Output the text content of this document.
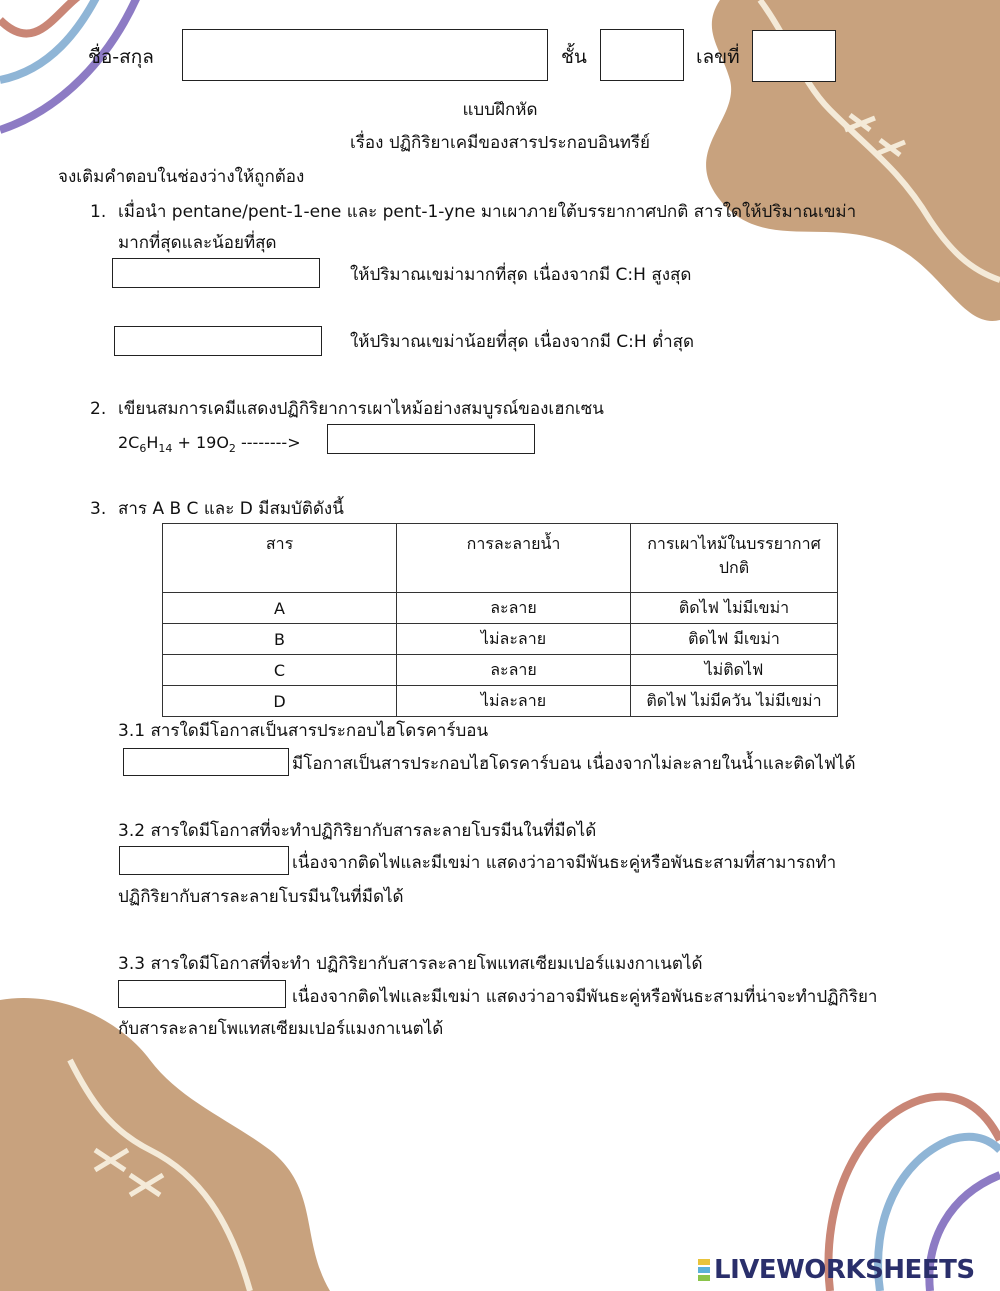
ชื่อ-สกุล	ชั้น	เลขที่
แบบฝึกหัด
เรื่อง ปฏิกิริยาเคมีของสารประกอบอินทรีย์
จงเติมคำตอบในช่องว่างให้ถูกต้อง
1. เมื่อนำ pentane/pent-1-ene และ pent-1-yne มาเผาภายใต้บรรยากาศปกติ สารใดให้ปริมาณเขม่า
มากที่สุดและน้อยที่สุด
ให้ปริมาณเขม่ามากที่สุด เนื่องจากมี C:H สูงสุด
ให้ปริมาณเขม่าน้อยที่สุด เนื่องจากมี C:H ต่ำสุด
2. เขียนสมการเคมีแสดงปฏิกิริยาการเผาไหม้อย่างสมบูรณ์ของเฮกเซน
$2C_6H_{14} + 19O_2$ -------->
3. สาร A B C และ D มีสมบัติดังนี้
สาร	การละลายน้ำ	การเผาไหม้ในบรรยากาศ
ปกติ
A	ละลาย	ติดไฟ ไม่มีเขม่า
B	ไม่ละลาย	ติดไฟ มีเขม่า
C	ละลาย	ไม่ติดไฟ
D	ไม่ละลาย	ติดไฟ ไม่มีควัน ไม่มีเขม่า
3.1 สารใดมีโอกาสเป็นสารประกอบไฮโดรคาร์บอน
มีโอกาสเป็นสารประกอบไฮโดรคาร์บอน เนื่องจากไม่ละลายในน้ำและติดไฟได้
3.2 สารใดมีโอกาสที่จะทำปฏิกิริยากับสารละลายโบรมีนในที่มืดได้
เนื่องจากติดไฟและมีเขม่า แสดงว่าอาจมีพันธะคู่หรือพันธะสามที่สามารถทำ
ปฏิกิริยากับสารละลายโบรมีนในที่มืดได้
3.3 สารใดมีโอกาสที่จะทำ ปฏิกิริยากับสารละลายโพแทสเซียมเปอร์แมงกาเนตได้
เนื่องจากติดไฟและมีเขม่า แสดงว่าอาจมีพันธะคู่หรือพันธะสามที่น่าจะทำปฏิกิริยา
กับสารละลายโพแทสเซียมเปอร์แมงกาเนตได้
LIVEWORKSHEETS
